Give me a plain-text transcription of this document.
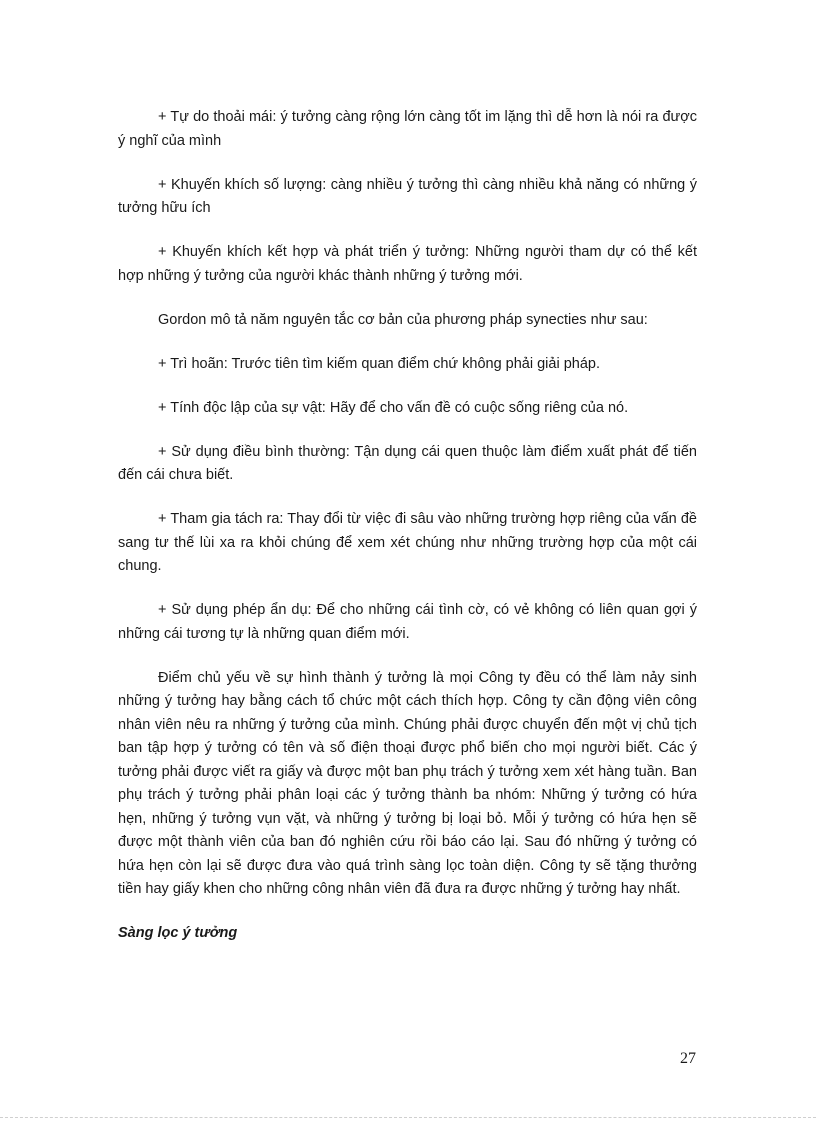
+ Tự do thoải mái: ý tưởng càng rộng lớn càng tốt im lặng thì dễ hơn là nói ra được ý nghĩ của mình

+ Khuyến khích số lượng: càng nhiều ý tưởng thì càng nhiều khả năng có những ý tưởng hữu ích

+ Khuyến khích kết hợp và phát triển ý tưởng: Những người tham dự có thể kết hợp những ý tưởng của người khác thành những ý tưởng mới.

Gordon mô tả năm nguyên tắc cơ bản của phương pháp synecties như sau:

+ Trì hoãn: Trước tiên tìm kiếm quan điểm chứ không phải giải pháp.

+ Tính độc lập của sự vật: Hãy để cho vấn đề có cuộc sống riêng của nó.

+ Sử dụng điều bình thường: Tận dụng cái quen thuộc làm điểm xuất phát để tiến đến cái chưa biết.

+ Tham gia tách ra: Thay đổi từ việc đi sâu vào những trường hợp riêng của vấn đề sang tư thế lùi xa ra khỏi chúng để xem xét chúng như những trường hợp của một cái chung.

+ Sử dụng phép ẩn dụ: Để cho những cái tình cờ, có vẻ không có liên quan gợi ý những cái tương tự là những quan điểm mới.

Điểm chủ yếu về sự hình thành ý tưởng là mọi Công ty đều có thể làm nảy sinh những ý tưởng hay bằng cách tổ chức một cách thích hợp. Công ty cần động viên công nhân viên nêu ra những ý tưởng của mình. Chúng phải được chuyển đến một vị chủ tịch ban tập hợp ý tưởng có tên và số điện thoại được phổ biến cho mọi người biết. Các ý tưởng phải được viết ra giấy và được một ban phụ trách ý tưởng xem xét hàng tuần. Ban phụ trách ý tưởng phải phân loại các ý tưởng thành ba nhóm: Những ý tưởng có hứa hẹn, những ý tưởng vụn vặt, và những ý tưởng bị loại bỏ. Mỗi ý tưởng có hứa hẹn sẽ được một thành viên của ban đó nghiên cứu rồi báo cáo lại. Sau đó những ý tưởng có hứa hẹn còn lại sẽ được đưa vào quá trình sàng lọc toàn diện. Công ty sẽ tặng thưởng tiền hay giấy khen cho những công nhân viên đã đưa ra được những ý tưởng hay nhất.

Sàng lọc ý tưởng

27
